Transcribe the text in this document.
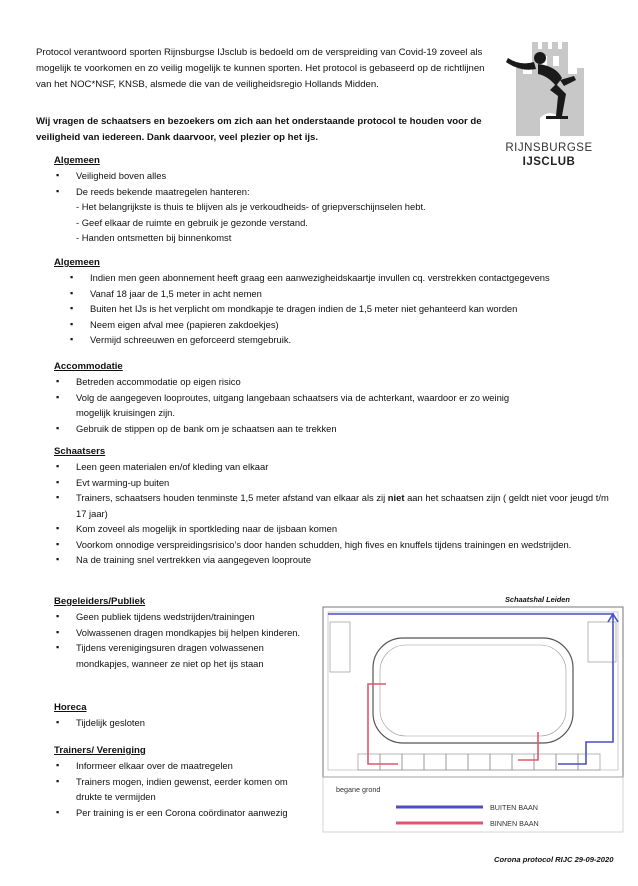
Protocol verantwoord sporten Rijnsburgse IJsclub is bedoeld om de verspreiding van Covid-19 zoveel als mogelijk te voorkomen en zo veilig mogelijk te kunnen sporten. Het protocol is gebaseerd op de richtlijnen van het NOC*NSF, KNSB, alsmede die van de veiligheidsregio Hollands Midden.

Wij vragen de schaatsers en bezoekers om zich aan het onderstaande protocol te houden voor de veiligheid van iedereen. Dank daarvoor, veel plezier op het ijs.

RIJNSBURGSE
IJSCLUB
Algemeen
▪ Veiligheid boven alles
▪ De reeds bekende maatregelen hanteren:
- Het belangrijkste is thuis te blijven als je verkoudheids- of griepverschijnselen hebt.
- Geef elkaar de ruimte en gebruik je gezonde verstand.
- Handen ontsmetten bij binnenkomst
Algemeen
▪ Indien men geen abonnement heeft graag een aanwezigheidskaartje invullen cq. verstrekken contactgegevens
▪ Vanaf 18 jaar de 1,5 meter in acht nemen
▪ Buiten het IJs is het verplicht om mondkapje te dragen indien de 1,5 meter niet gehanteerd kan worden
▪ Neem eigen afval mee (papieren zakdoekjes)
▪ Vermijd schreeuwen en geforceerd stemgebruik.
Accommodatie
▪ Betreden accommodatie op eigen risico
▪ Volg de aangegeven looproutes, uitgang langebaan schaatsers via de achterkant, waardoor er zo weinig mogelijk kruisingen zijn.
▪ Gebruik de stippen op de bank om je schaatsen aan te trekken
Schaatsers
▪ Leen geen materialen en/of kleding van elkaar
▪ Evt warming-up buiten
▪ Trainers, schaatsers houden tenminste 1,5 meter afstand van elkaar als zij niet aan het schaatsen zijn ( geldt niet voor jeugd t/m 17 jaar)
▪ Kom zoveel als mogelijk in sportkleding naar de ijsbaan komen
▪ Voorkom onnodige verspreidingsrisico’s door handen schudden, high fives en knuffels tijdens trainingen en wedstrijden.
▪ Na de training snel vertrekken via aangegeven looproute
Begeleiders/Publiek
▪ Geen publiek tijdens wedstrijden/trainingen
▪ Volwassenen dragen mondkapjes bij helpen kinderen.
▪ Tijdens verenigingsuren dragen volwassenen mondkapjes, wanneer ze niet op het ijs staan
Horeca
▪ Tijdelijk gesloten
Trainers/ Vereniging
▪ Informeer elkaar over de maatregelen
▪ Trainers mogen, indien gewenst, eerder komen om drukte te vermijden
▪ Per training is er een Corona coördinator aanwezig
Schaatshal Leiden
begane grond
BUITEN BAAN
BINNEN BAAN
Corona protocol RIJC 29-09-2020
